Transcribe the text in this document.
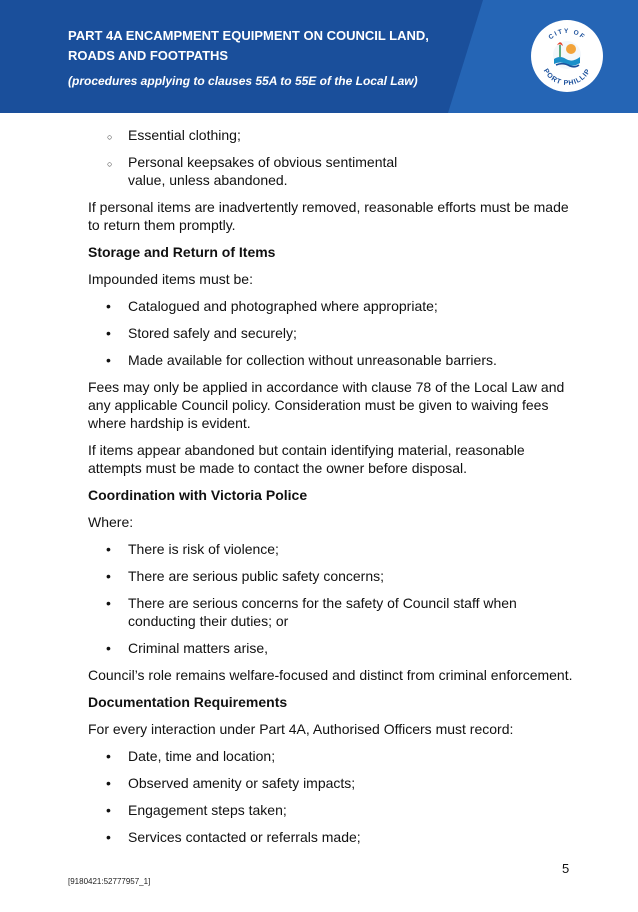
PART 4A ENCAMPMENT EQUIPMENT ON COUNCIL LAND, ROADS AND FOOTPATHS

(procedures applying to clauses 55A to 55E of the Local Law)

CITY OF
PORT PHILLIP
○ Essential clothing;
○ Personal keepsakes of obvious sentimental value, unless abandoned.

If personal items are inadvertently removed, reasonable efforts must be made to return them promptly.

Storage and Return of Items

Impounded items must be:

• Catalogued and photographed where appropriate;
• Stored safely and securely;
• Made available for collection without unreasonable barriers.

Fees may only be applied in accordance with clause 78 of the Local Law and any applicable Council policy. Consideration must be given to waiving fees where hardship is evident.

If items appear abandoned but contain identifying material, reasonable attempts must be made to contact the owner before disposal.

Coordination with Victoria Police

Where:

• There is risk of violence;
• There are serious public safety concerns;
• There are serious concerns for the safety of Council staff when conducting their duties; or
• Criminal matters arise,

Council’s role remains welfare-focused and distinct from criminal enforcement.

Documentation Requirements

For every interaction under Part 4A, Authorised Officers must record:

• Date, time and location;
• Observed amenity or safety impacts;
• Engagement steps taken;
• Services contacted or referrals made;

5

[9180421:52777957_1]
